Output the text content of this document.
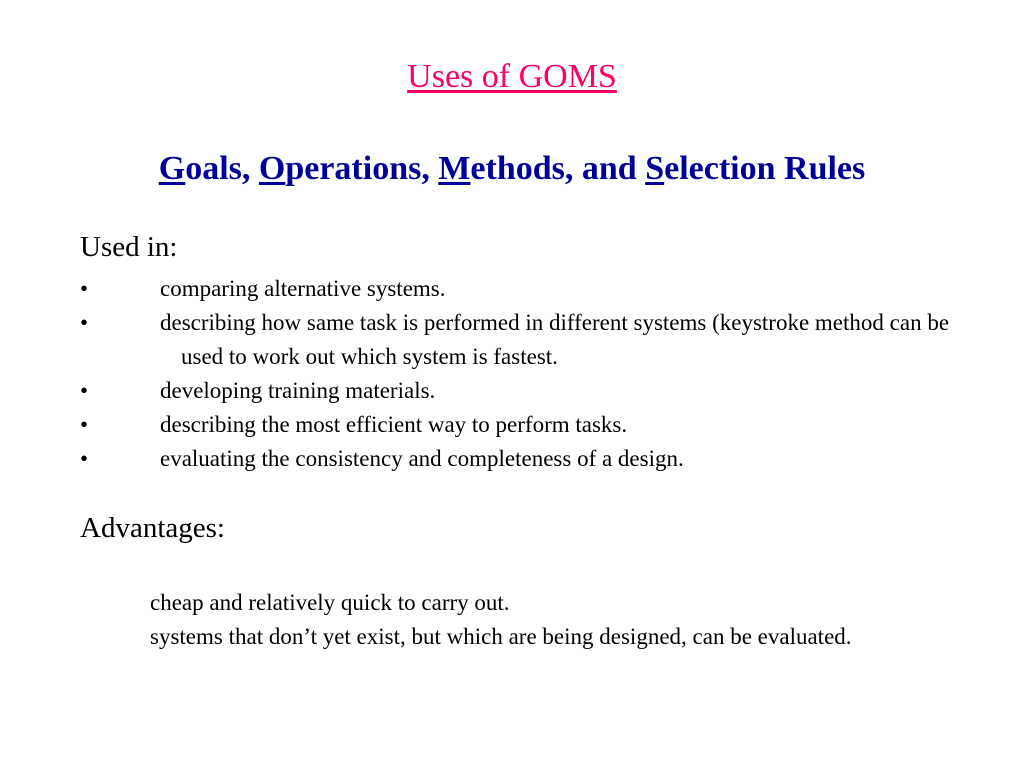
Uses of GOMS
Goals, Operations, Methods, and Selection Rules
Used in:
•	comparing alternative systems.
•	describing how same task is performed in different systems (keystroke method can be used to work out which system is fastest.
•	developing training materials.
•	describing the most efficient way to perform tasks.
•	evaluating the consistency and completeness of a design.
Advantages:
cheap and relatively quick to carry out.
systems that don’t yet exist, but which are being designed, can be evaluated.
